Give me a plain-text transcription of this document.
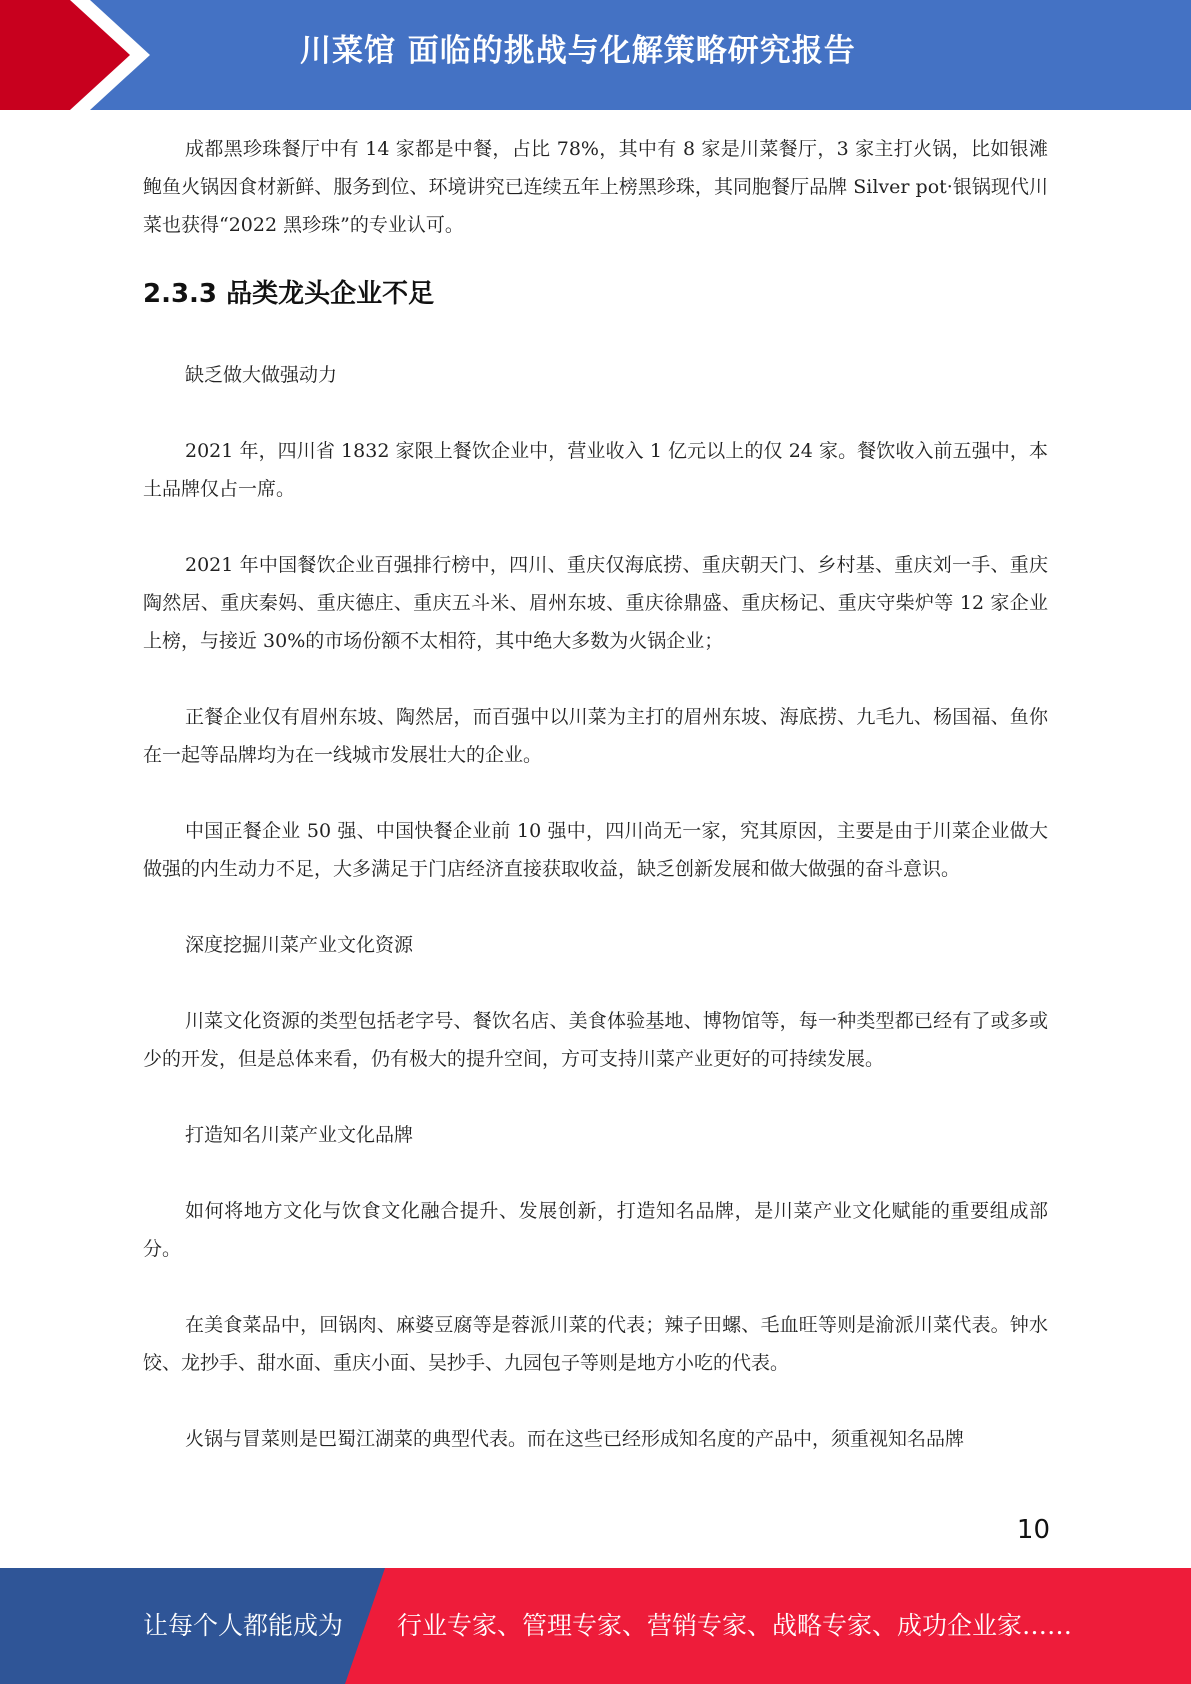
川菜馆 面临的挑战与化解策略研究报告

成都黑珍珠餐厅中有 14 家都是中餐，占比 78%，其中有 8 家是川菜餐厅，3 家主打火锅，比如银滩鲍鱼火锅因食材新鲜、服务到位、环境讲究已连续五年上榜黑珍珠，其同胞餐厅品牌 Silver pot·银锅现代川菜也获得“2022 黑珍珠”的专业认可。

2.3.3 品类龙头企业不足

缺乏做大做强动力

2021 年，四川省 1832 家限上餐饮企业中，营业收入 1 亿元以上的仅 24 家。餐饮收入前五强中，本土品牌仅占一席。

2021 年中国餐饮企业百强排行榜中，四川、重庆仅海底捞、重庆朝天门、乡村基、重庆刘一手、重庆陶然居、重庆秦妈、重庆德庄、重庆五斗米、眉州东坡、重庆徐鼎盛、重庆杨记、重庆守柴炉等 12 家企业上榜，与接近 30%的市场份额不太相符，其中绝大多数为火锅企业；

正餐企业仅有眉州东坡、陶然居，而百强中以川菜为主打的眉州东坡、海底捞、九毛九、杨国福、鱼你在一起等品牌均为在一线城市发展壮大的企业。

中国正餐企业 50 强、中国快餐企业前 10 强中，四川尚无一家，究其原因，主要是由于川菜企业做大做强的内生动力不足，大多满足于门店经济直接获取收益，缺乏创新发展和做大做强的奋斗意识。

深度挖掘川菜产业文化资源

川菜文化资源的类型包括老字号、餐饮名店、美食体验基地、博物馆等，每一种类型都已经有了或多或少的开发，但是总体来看，仍有极大的提升空间，方可支持川菜产业更好的可持续发展。

打造知名川菜产业文化品牌

如何将地方文化与饮食文化融合提升、发展创新，打造知名品牌，是川菜产业文化赋能的重要组成部分。

在美食菜品中，回锅肉、麻婆豆腐等是蓉派川菜的代表；辣子田螺、毛血旺等则是渝派川菜代表。钟水饺、龙抄手、甜水面、重庆小面、吴抄手、九园包子等则是地方小吃的代表。

火锅与冒菜则是巴蜀江湖菜的典型代表。而在这些已经形成知名度的产品中，须重视知名品牌

10
让每个人都能成为 行业专家、管理专家、营销专家、战略专家、成功企业家……
